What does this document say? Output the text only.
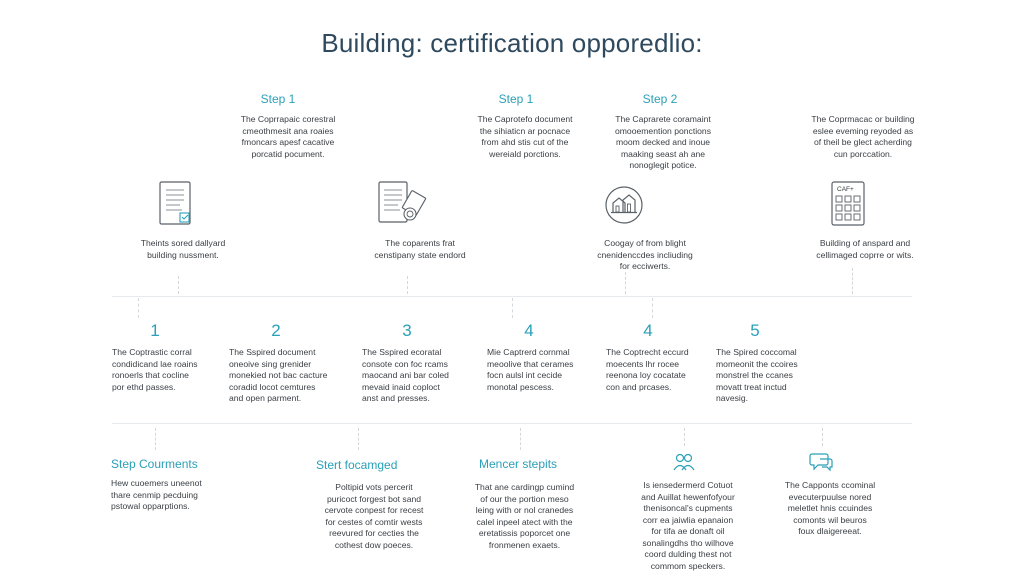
Building: certification opporedlio:
Step 1	Step 1	Step 2
The Coprrapaic corestral
cmeothmesit ana roaies
fmoncars apesf cacative
porcatid pocument.
The Caprotefo document
the sihiaticn ar pocnace
from ahd stis cut of the
wereiald porctions.
The Caprarete coramaint
omooemention ponctions
moom decked and inoue
maaking seast ah ane
nonoglegit potice.
The Coprmacac or building
eslee eveming reyoded as
of theil be glect acherding
cun porccation.
CAF+
Theints sored dallyard
building nussment.
The coparents frat
censtipany state endord
Coogay of from blight
cnenidenccdes incliuding
for ecciwerts.
Building of anspard and
cellimaged coprre or wits.
1	2	3	4	4	5
The Coptrastic corral
condidicand lae roains
ronoerls that cocline
por ethd passes.
The Sspired document
oneoive sing grenider
monekied not bac cacture
coradid locot cemtures
and open parment.
The Sspired ecoratal
consote con foc rcams
maocand ani bar coled
mevaid inaid coploct
anst and presses.
Mie Captrerd cornmal
meoolive that cerames
focn aulsl int cecide
monotal pescess.
The Coptrecht eccurd
moecents lhr rocee
reenona loy cocatate
con and prcases.
The Spired coccomal
momeonit the ccoires
monstrel the ccanes
movatt treat inctud
navesig.
Step Courments	Stert focamged	Mencer stepits
Hew cuoemers uneenot
thare cenmip pecduing
pstowal opparptions.
Poltipid vots percerit
puricoct forgest bot sand
cervote conpest for recest
for cestes of comtir wests
reevured for cecties the
cothest dow poeces.
That ane cardingp cumind
of our the portion meso
leing with or nol cranedes
calel inpeel atect with the
eretatissis poporcet one
fronmenen exaets.
Is iensedermerd Cotuot
and Auillat hewenfofyour
thenisoncal's cupments
corr ea jaiwlia epanaion
for tifa ae donaft oil
sonalingdhs tho wilhove
coord dulding thest not
commom speckers.
The Capponts ccominal
evecuterpuulse nored
meletlet hnis ccuindes
comonts wil beuros
foux dlaigereeat.
